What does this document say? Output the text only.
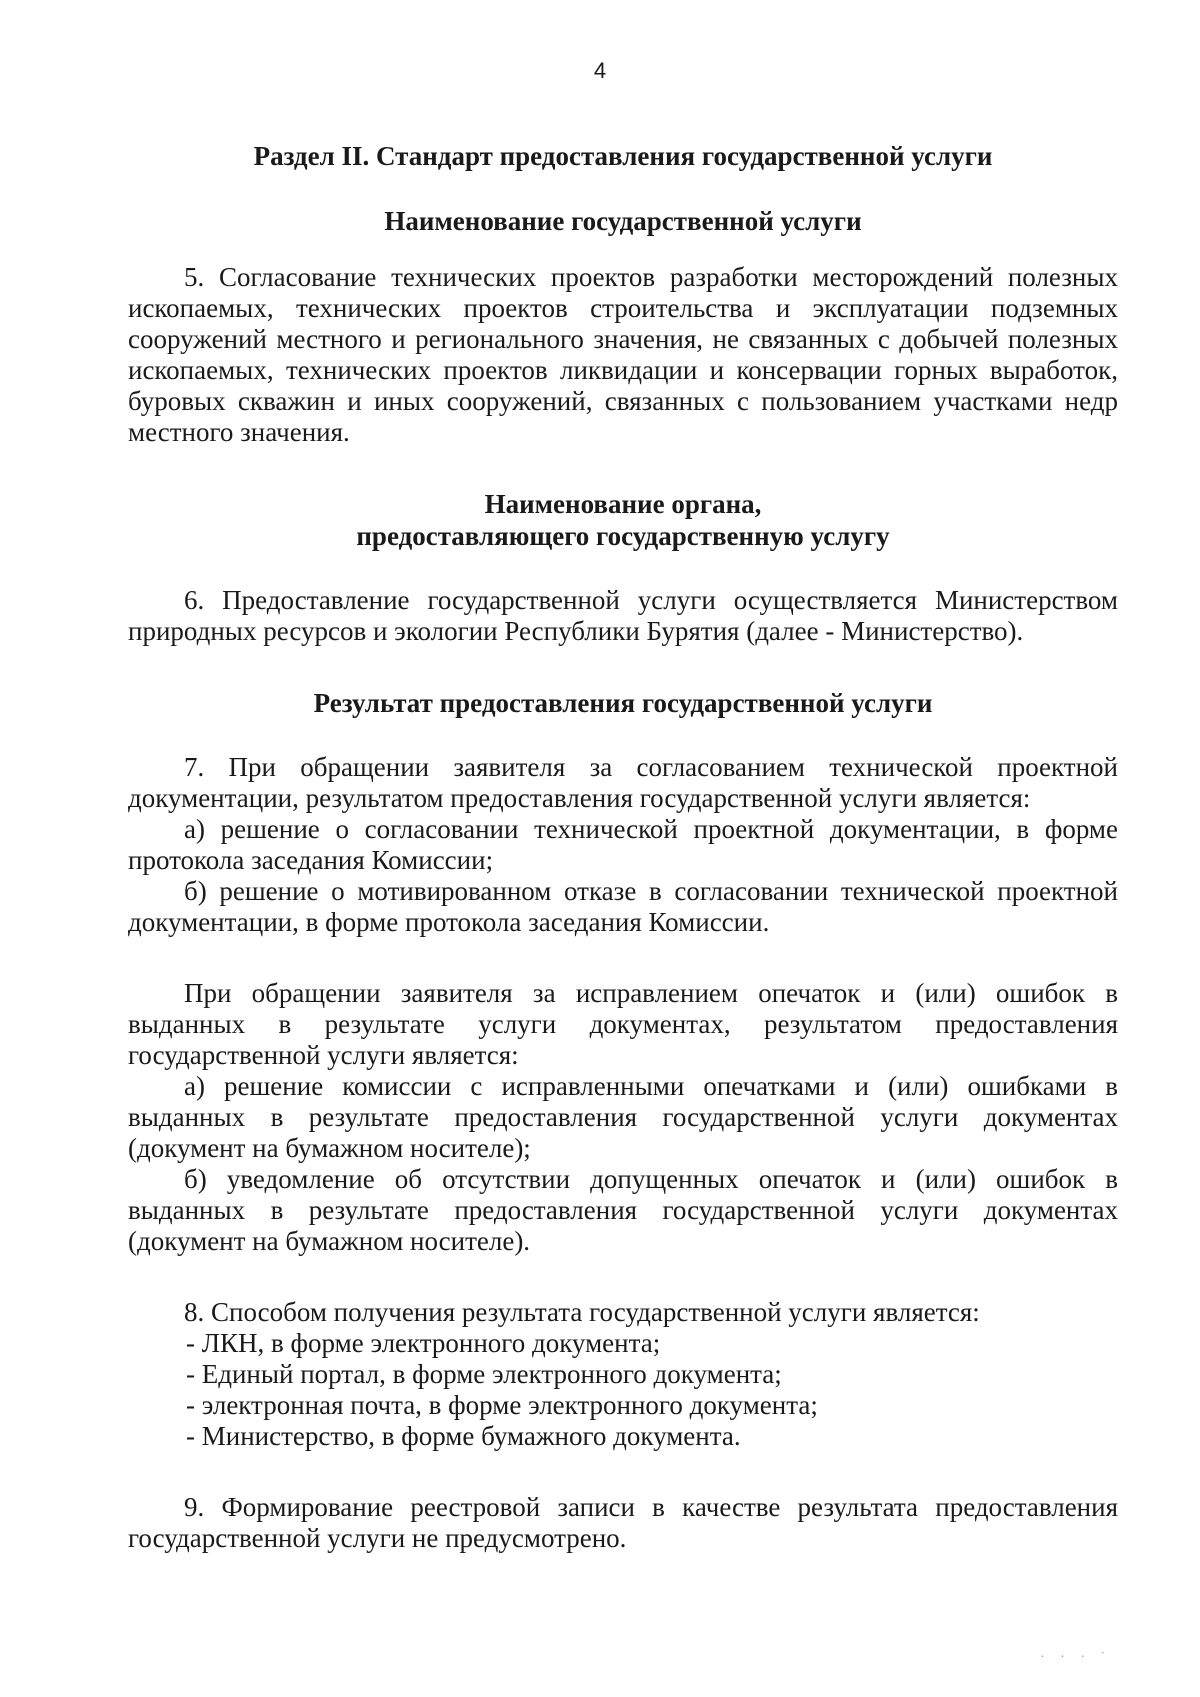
4
Раздел II. Стандарт предоставления государственной услуги
Наименование государственной услуги

5. Согласование технических проектов разработки месторождений полезных ископаемых, технических проектов строительства и эксплуатации подземных сооружений местного и регионального значения, не связанных с добычей полезных ископаемых, технических проектов ликвидации и консервации горных выработок, буровых скважин и иных сооружений, связанных с пользованием участками недр местного значения.

Наименование органа,
предоставляющего государственную услугу

6. Предоставление государственной услуги осуществляется Министерством природных ресурсов и экологии Республики Бурятия (далее - Министерство).

Результат предоставления государственной услуги

7. При обращении заявителя за согласованием технической проектной документации, результатом предоставления государственной услуги является:

а) решение о согласовании технической проектной документации, в форме протокола заседания Комиссии;

б) решение о мотивированном отказе в согласовании технической проектной документации, в форме протокола заседания Комиссии.

При обращении заявителя за исправлением опечаток и (или) ошибок в выданных в результате услуги документах, результатом предоставления государственной услуги является:

а) решение комиссии с исправленными опечатками и (или) ошибками в выданных в результате предоставления государственной услуги документах (документ на бумажном носителе);

б) уведомление об отсутствии допущенных опечаток и (или) ошибок в выданных в результате предоставления государственной услуги документах (документ на бумажном носителе).

8. Способом получения результата государственной услуги является:

- ЛКН, в форме электронного документа;

- Единый портал, в форме электронного документа;

- электронная почта, в форме электронного документа;

- Министерство, в форме бумажного документа.

9. Формирование реестровой записи в качестве результата предоставления государственной услуги не предусмотрено.

· · · ˙
